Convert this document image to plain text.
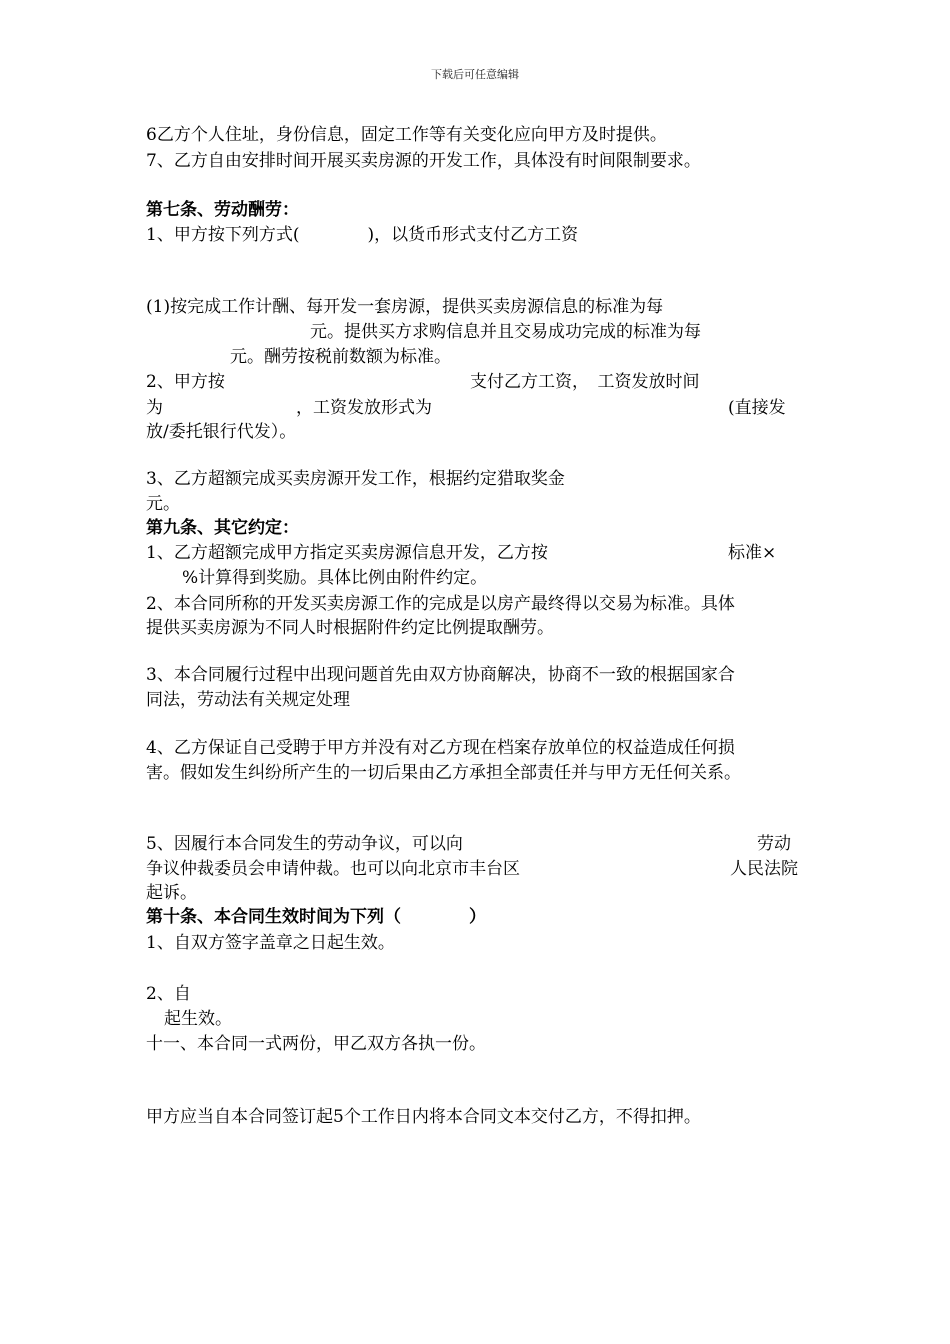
下载后可任意编辑
6乙方个人住址，身份信息，固定工作等有关变化应向甲方及时提供。
7、乙方自由安排时间开展买卖房源的开发工作，具体没有时间限制要求。
第七条、劳动酬劳：
1、甲方按下列方式(　　　　)，以货币形式支付乙方工资
(1)按完成工作计酬、每开发一套房源，提供买卖房源信息的标准为每
元。提供买方求购信息并且交易成功完成的标准为每
元。酬劳按税前数额为标准。
2、甲方按	支付乙方工资，　工资发放时间
为	，工资发放形式为	(直接发
放/委托银行代发）。
3、乙方超额完成买卖房源开发工作，根据约定猎取奖金
元。
第九条、其它约定：
1、乙方超额完成甲方指定买卖房源信息开发，乙方按	标准×
%计算得到奖励。具体比例由附件约定。
2、本合同所称的开发买卖房源工作的完成是以房产最终得以交易为标准。具体
提供买卖房源为不同人时根据附件约定比例提取酬劳。
3、本合同履行过程中出现问题首先由双方协商解决，协商不一致的根据国家合
同法，劳动法有关规定处理
4、乙方保证自己受聘于甲方并没有对乙方现在档案存放单位的权益造成任何损
害。假如发生纠纷所产生的一切后果由乙方承担全部责任并与甲方无任何关系。
5、因履行本合同发生的劳动争议，可以向	劳动
争议仲裁委员会申请仲裁。也可以向北京市丰台区	人民法院
起诉。
第十条、本合同生效时间为下列（　　　　）
1、自双方签字盖章之日起生效。
2、自
起生效。
十一、本合同一式两份，甲乙双方各执一份。
甲方应当自本合同签订起5个工作日内将本合同文本交付乙方，不得扣押。
